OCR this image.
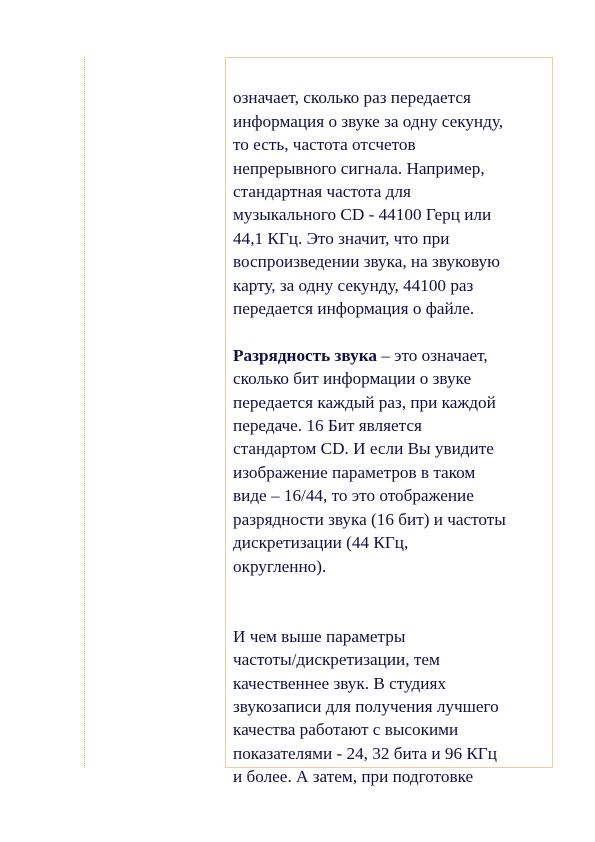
означает, сколько раз передается
информация о звуке за одну секунду,
то есть, частота отсчетов
непрерывного сигнала. Например,
стандартная частота для
музыкального CD - 44100 Герц или
44,1 КГц. Это значит, что при
воспроизведении звука, на звуковую
карту, за одну секунду, 44100 раз
передается информация о файле.

Разрядность звука – это означает,
сколько бит информации о звуке
передается каждый раз, при каждой
передаче. 16 Бит является
стандартом CD. И если Вы увидите
изображение параметров в таком
виде – 16/44, то это отображение
разрядности звука (16 бит) и частоты
дискретизации (44 КГц,
округленно).

И чем выше параметры
частоты/дискретизации, тем
качественнее звук. В студиях
звукозаписи для получения лучшего
качества работают с высокими
показателями - 24, 32 бита и 96 КГц
и более. А затем, при подготовке
